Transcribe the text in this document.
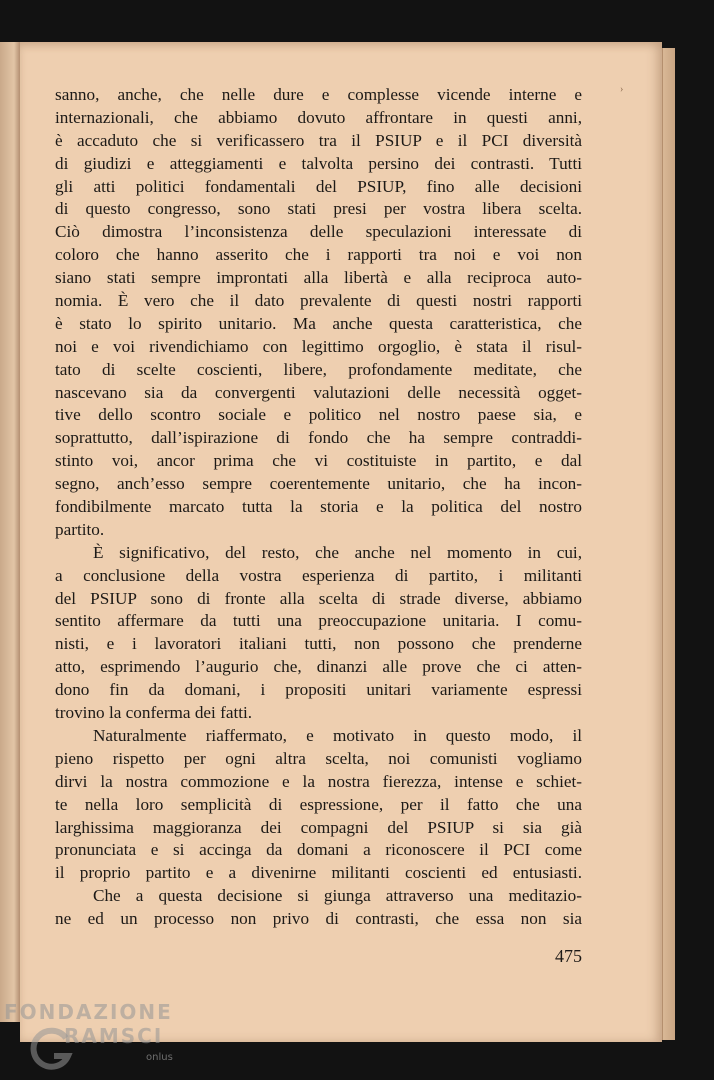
›
sanno, anche, che nelle dure e complesse vicende interne e
internazionali, che abbiamo dovuto affrontare in questi anni,
è accaduto che si verificassero tra il PSIUP e il PCI diversità
di giudizi e atteggiamenti e talvolta persino dei contrasti. Tutti
gli atti politici fondamentali del PSIUP, fino alle decisioni
di questo congresso, sono stati presi per vostra libera scelta.
Ciò dimostra l’inconsistenza delle speculazioni interessate di
coloro che hanno asserito che i rapporti tra noi e voi non
siano stati sempre improntati alla libertà e alla reciproca auto-
nomia. È vero che il dato prevalente di questi nostri rapporti
è stato lo spirito unitario. Ma anche questa caratteristica, che
noi e voi rivendichiamo con legittimo orgoglio, è stata il risul-
tato di scelte coscienti, libere, profondamente meditate, che
nascevano sia da convergenti valutazioni delle necessità ogget-
tive dello scontro sociale e politico nel nostro paese sia, e
soprattutto, dall’ispirazione di fondo che ha sempre contraddi-
stinto voi, ancor prima che vi costituiste in partito, e dal
segno, anch’esso sempre coerentemente unitario, che ha incon-
fondibilmente marcato tutta la storia e la politica del nostro
partito.
È significativo, del resto, che anche nel momento in cui,
a conclusione della vostra esperienza di partito, i militanti
del PSIUP sono di fronte alla scelta di strade diverse, abbiamo
sentito affermare da tutti una preoccupazione unitaria. I comu-
nisti, e i lavoratori italiani tutti, non possono che prenderne
atto, esprimendo l’augurio che, dinanzi alle prove che ci atten-
dono fin da domani, i propositi unitari variamente espressi
trovino la conferma dei fatti.
Naturalmente riaffermato, e motivato in questo modo, il
pieno rispetto per ogni altra scelta, noi comunisti vogliamo
dirvi la nostra commozione e la nostra fierezza, intense e schiet-
te nella loro semplicità di espressione, per il fatto che una
larghissima maggioranza dei compagni del PSIUP si sia già
pronunciata e si accinga da domani a riconoscere il PCI come
il proprio partito e a divenirne militanti coscienti ed entusiasti.
Che a questa decisione si giunga attraverso una meditazio-
ne ed un processo non privo di contrasti, che essa non sia
475
FONDAZIONE
RAMSCI
onlus
